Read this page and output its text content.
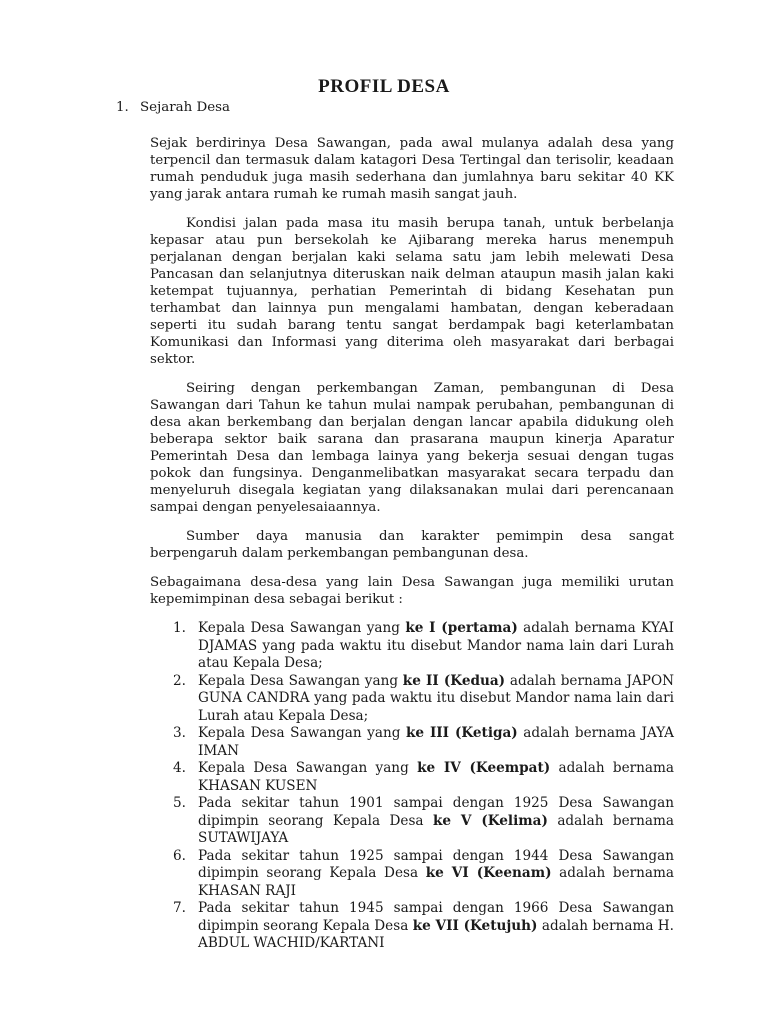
PROFIL DESA
1. Sejarah Desa

Sejak berdirinya Desa Sawangan, pada awal mulanya adalah desa yang terpencil dan termasuk dalam katagori Desa Tertingal dan terisolir, keadaan rumah penduduk juga masih sederhana dan jumlahnya baru sekitar 40 KK yang jarak antara rumah ke rumah masih sangat jauh.

Kondisi jalan pada masa itu masih berupa tanah, untuk berbelanja kepasar atau pun bersekolah ke Ajibarang mereka harus menempuh perjalanan dengan berjalan kaki selama satu jam lebih melewati Desa Pancasan dan selanjutnya diteruskan naik delman ataupun masih jalan kaki ketempat tujuannya, perhatian Pemerintah di bidang Kesehatan pun terhambat dan lainnya pun mengalami hambatan, dengan keberadaan seperti itu sudah barang tentu sangat berdampak bagi keterlambatan Komunikasi dan Informasi yang diterima oleh masyarakat dari berbagai sektor.

Seiring dengan perkembangan Zaman, pembangunan di Desa Sawangan dari Tahun ke tahun mulai nampak perubahan, pembangunan di desa akan berkembang dan berjalan dengan lancar apabila didukung oleh beberapa sektor baik sarana dan prasarana maupun kinerja Aparatur Pemerintah Desa dan lembaga lainya yang bekerja sesuai dengan tugas pokok dan fungsinya. Denganmelibatkan masyarakat secara terpadu dan menyeluruh disegala kegiatan yang dilaksanakan mulai dari perencanaan sampai dengan penyelesaiaannya.

Sumber daya manusia dan karakter pemimpin desa sangat berpengaruh dalam perkembangan pembangunan desa.

Sebagaimana desa-desa yang lain Desa Sawangan juga memiliki urutan kepemimpinan desa sebagai berikut :

1. Kepala Desa Sawangan yang ke I (pertama) adalah bernama KYAI DJAMAS yang pada waktu itu disebut Mandor nama lain dari Lurah atau Kepala Desa;
2. Kepala Desa Sawangan yang ke II (Kedua) adalah bernama JAPON GUNA CANDRA yang pada waktu itu disebut Mandor nama lain dari Lurah atau Kepala Desa;
3. Kepala Desa Sawangan yang ke III (Ketiga) adalah bernama JAYA IMAN
4. Kepala Desa Sawangan yang ke IV (Keempat) adalah bernama KHASAN KUSEN
5. Pada sekitar tahun 1901 sampai dengan 1925 Desa Sawangan dipimpin seorang Kepala Desa ke V (Kelima) adalah bernama SUTAWIJAYA
6. Pada sekitar tahun 1925 sampai dengan 1944 Desa Sawangan dipimpin seorang Kepala Desa ke VI (Keenam) adalah bernama KHASAN RAJI
7. Pada sekitar tahun 1945 sampai dengan 1966 Desa Sawangan dipimpin seorang Kepala Desa ke VII (Ketujuh) adalah bernama H. ABDUL WACHID/KARTANI
